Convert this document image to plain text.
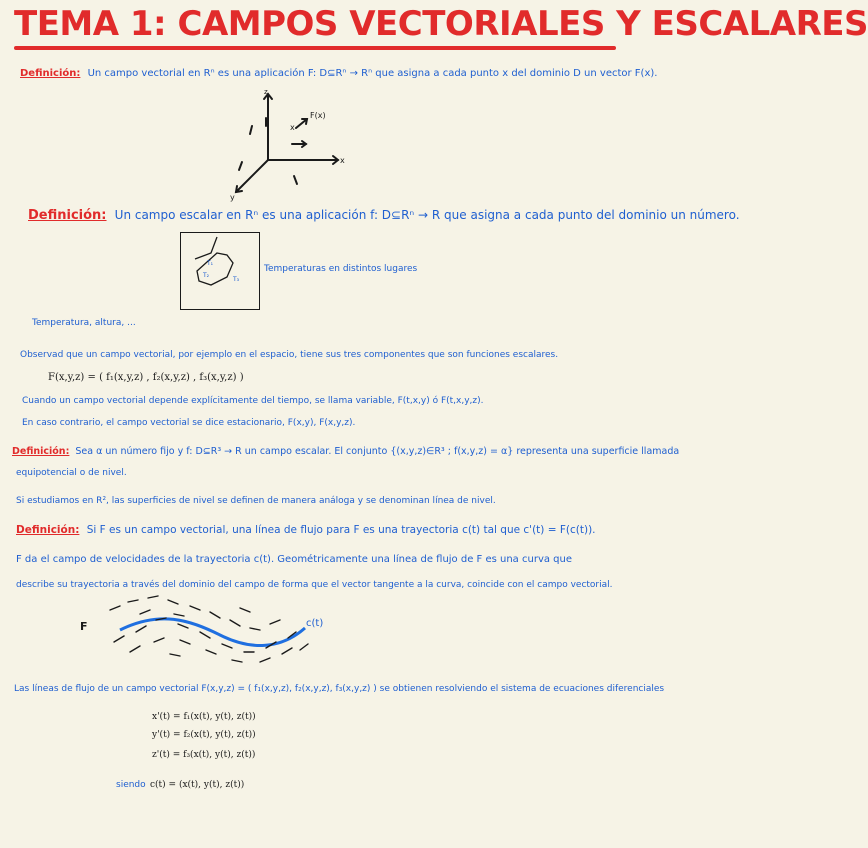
TEMA 1: CAMPOS VECTORIALES Y ESCALARES
Definición: Un campo vectorial en Rⁿ es una aplicación F: D⊆Rⁿ → Rⁿ que asigna a cada punto x del dominio D un vector F(x).
z
x
y
x
F(x)
Definición: Un campo escalar en Rⁿ es una aplicación f: D⊆Rⁿ → R que asigna a cada punto del dominio un número.
T₁
T₂
T₃
Temperaturas en distintos lugares
Temperatura, altura, ...
Observad que un campo vectorial, por ejemplo en el espacio, tiene sus tres componentes que son funciones escalares.
F(x,y,z) = ( f₁(x,y,z) , f₂(x,y,z) , f₃(x,y,z) )
Cuando un campo vectorial depende explícitamente del tiempo, se llama variable, F(t,x,y) ó F(t,x,y,z).
En caso contrario, el campo vectorial se dice estacionario, F(x,y), F(x,y,z).
Definición: Sea α un número fijo y f: D⊆R³ → R un campo escalar. El conjunto {(x,y,z)∈R³ ; f(x,y,z) = α} representa una superficie llamada
equipotencial o de nivel.
Si estudiamos en R², las superficies de nivel se definen de manera análoga y se denominan línea de nivel.
Definición: Si F es un campo vectorial, una línea de flujo para F es una trayectoria c(t) tal que c'(t) = F(c(t)).
F da el campo de velocidades de la trayectoria c(t). Geométricamente una línea de flujo de F es una curva que
describe su trayectoria a través del dominio del campo de forma que el vector tangente a la curva, coincide con el campo vectorial.
F	c(t)
Las líneas de flujo de un campo vectorial F(x,y,z) = ( f₁(x,y,z), f₂(x,y,z), f₃(x,y,z) ) se obtienen resolviendo el sistema de ecuaciones diferenciales
x'(t) = f₁(x(t), y(t), z(t))
y'(t) = f₂(x(t), y(t), z(t))
z'(t) = f₃(x(t), y(t), z(t))
siendo c(t) = (x(t), y(t), z(t))
